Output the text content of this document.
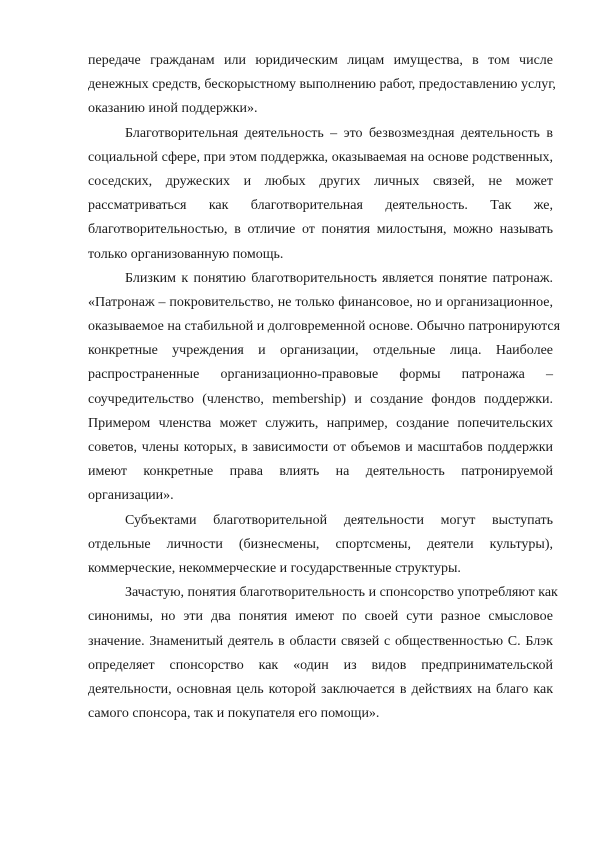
передаче гражданам или юридическим лицам имущества, в том числе
денежных средств, бескорыстному выполнению работ, предоставлению услуг,
оказанию иной поддержки».
Благотворительная деятельность – это безвозмездная деятельность в
социальной сфере, при этом поддержка, оказываемая на основе родственных,
соседских, дружеских и любых других личных связей, не может
рассматриваться как благотворительная деятельность. Так же,
благотворительностью, в отличие от понятия милостыня, можно называть
только организованную помощь.
Близким к понятию благотворительность является понятие патронаж.
«Патронаж – покровительство, не только финансовое, но и организационное,
оказываемое на стабильной и долговременной основе. Обычно патронируются
конкретные учреждения и организации, отдельные лица. Наиболее
распространенные организационно-правовые формы патронажа –
соучредительство (членство, membership) и создание фондов поддержки.
Примером членства может служить, например, создание попечительских
советов, члены которых, в зависимости от объемов и масштабов поддержки
имеют конкретные права влиять на деятельность патронируемой
организации».
Субъектами благотворительной деятельности могут выступать
отдельные личности (бизнесмены, спортсмены, деятели культуры),
коммерческие, некоммерческие и государственные структуры.
Зачастую, понятия благотворительность и спонсорство употребляют как
синонимы, но эти два понятия имеют по своей сути разное смысловое
значение. Знаменитый деятель в области связей с общественностью С. Блэк
определяет спонсорство как «один из видов предпринимательской
деятельности, основная цель которой заключается в действиях на благо как
самого спонсора, так и покупателя его помощи».
